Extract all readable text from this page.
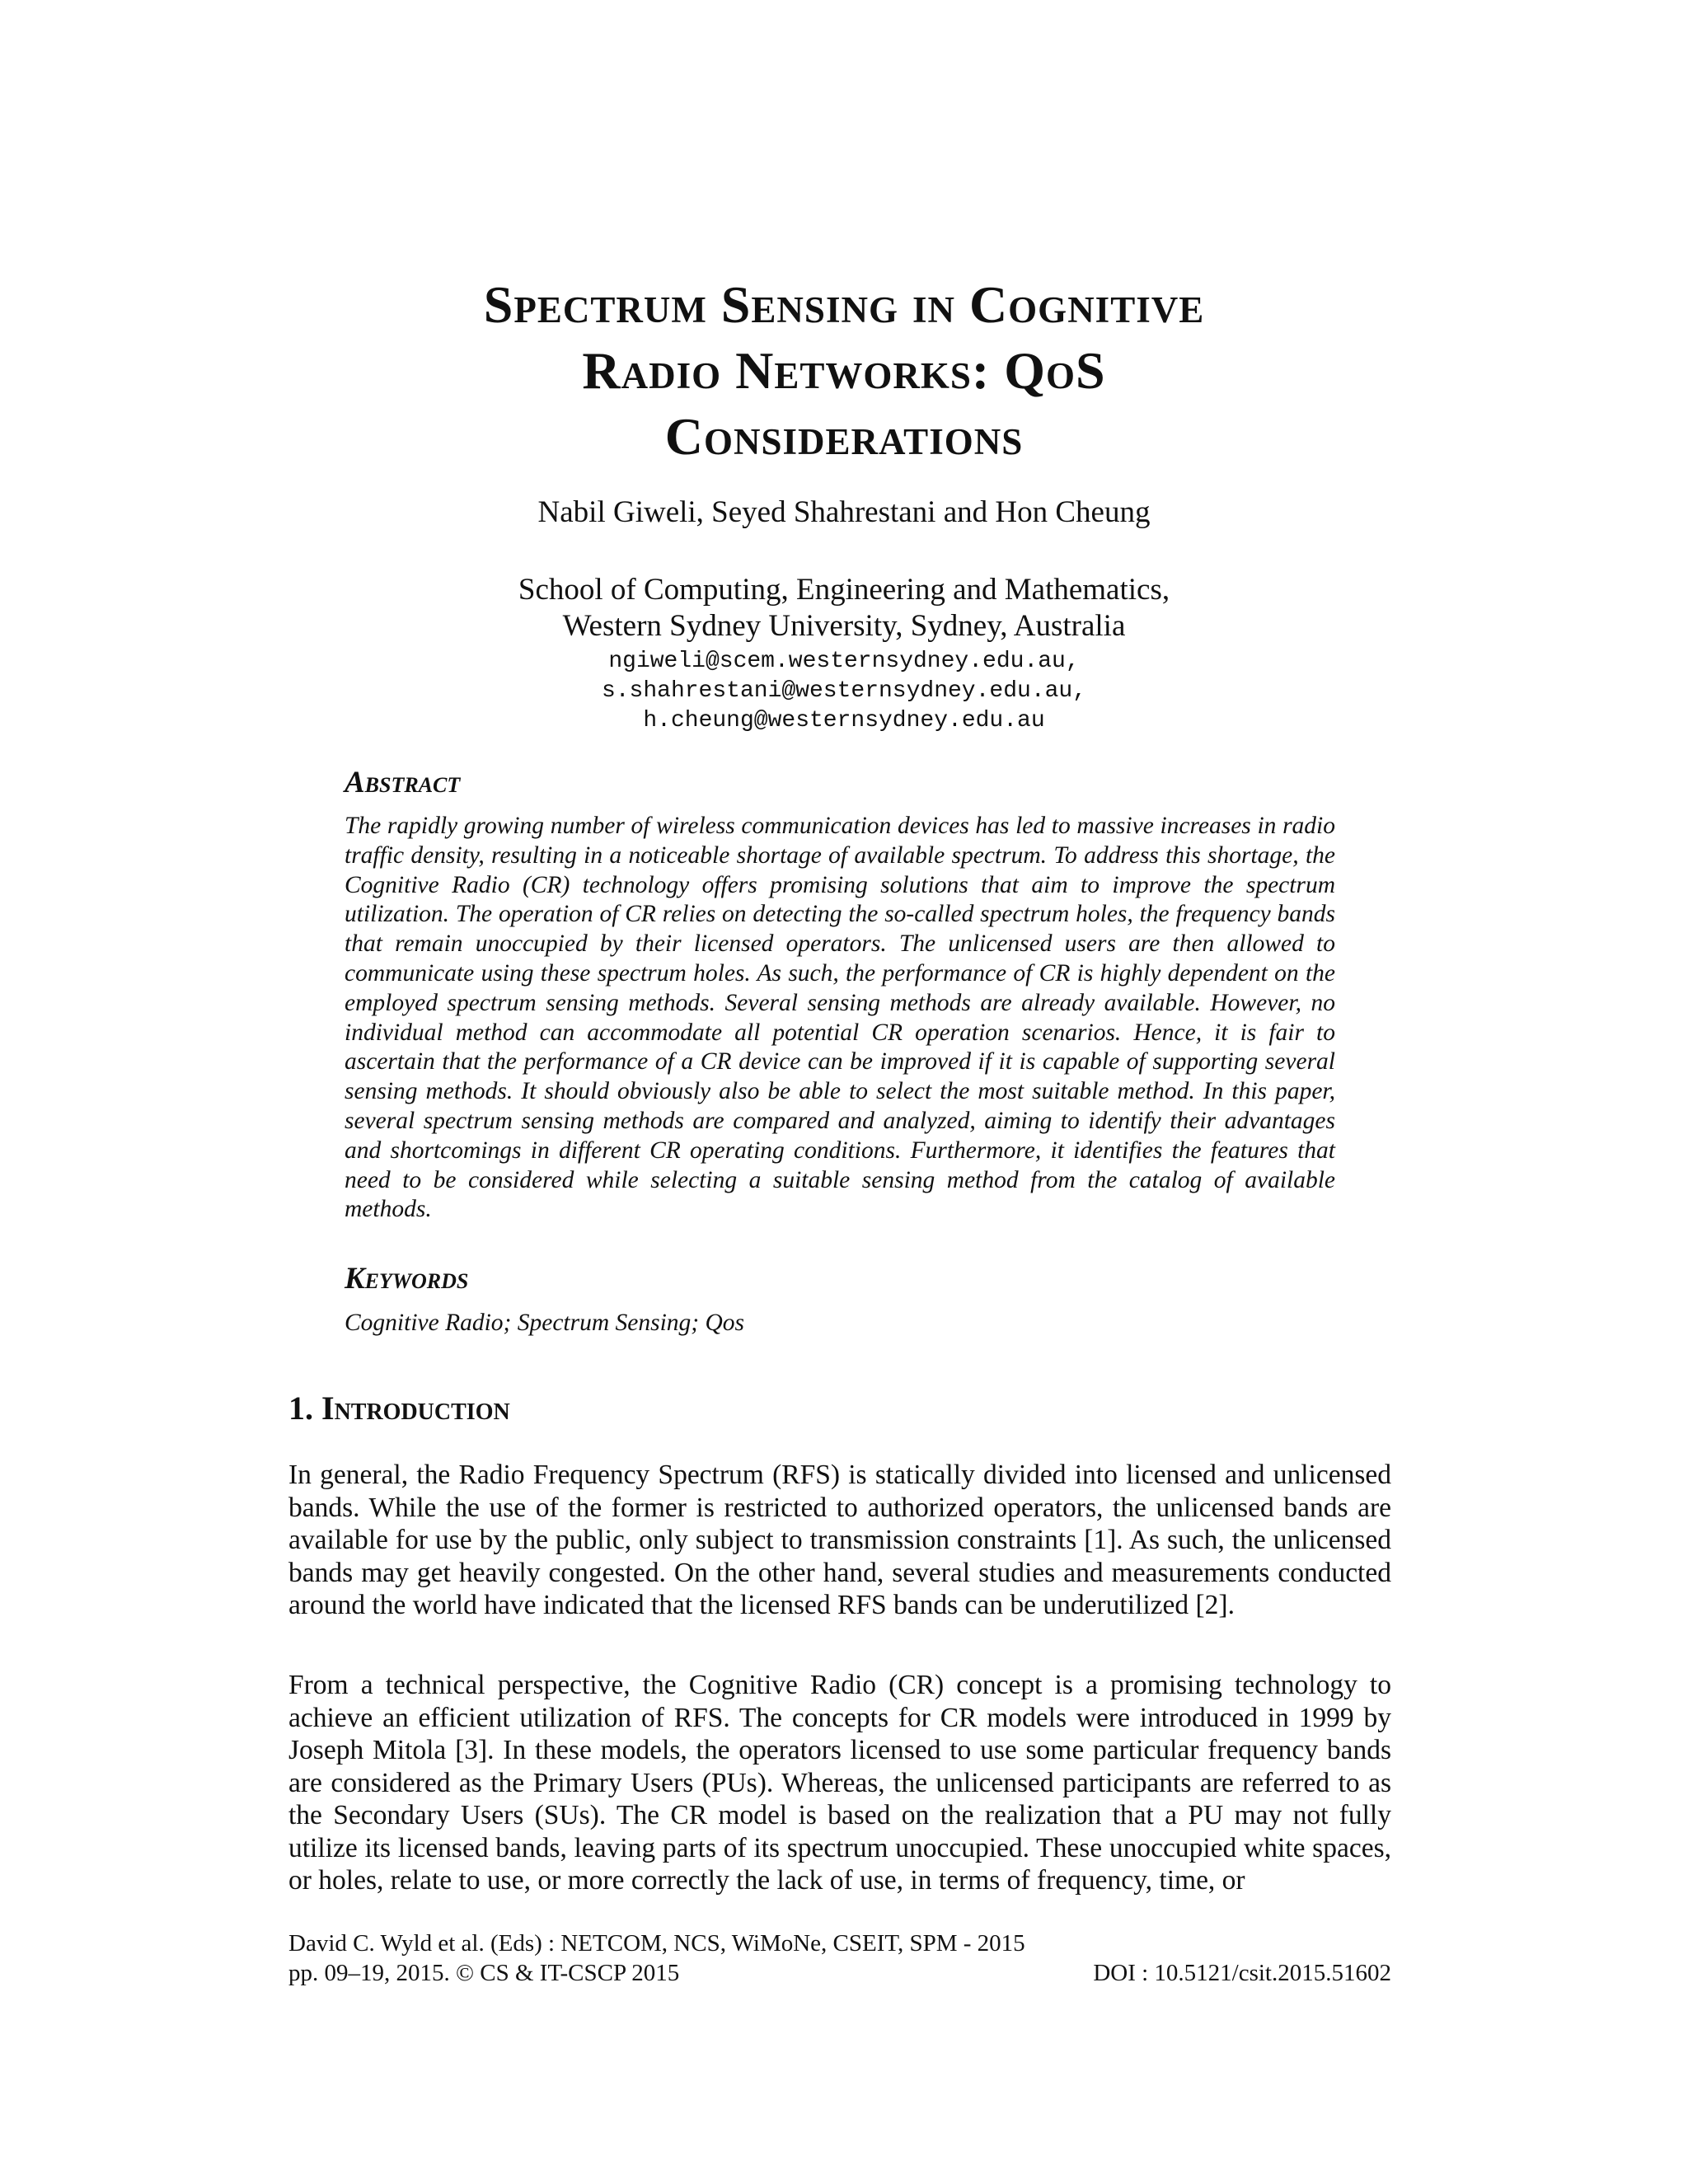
Spectrum Sensing in Cognitive
Radio Networks: QoS
Considerations
Nabil Giweli, Seyed Shahrestani and Hon Cheung
School of Computing, Engineering and Mathematics,
Western Sydney University, Sydney, Australia
ngiweli@scem.westernsydney.edu.au,
s.shahrestani@westernsydney.edu.au,
h.cheung@westernsydney.edu.au
Abstract
The rapidly growing number of wireless communication devices has led to massive increases in radio traffic density, resulting in a noticeable shortage of available spectrum. To address this shortage, the Cognitive Radio (CR) technology offers promising solutions that aim to improve the spectrum utilization. The operation of CR relies on detecting the so-called spectrum holes, the frequency bands that remain unoccupied by their licensed operators. The unlicensed users are then allowed to communicate using these spectrum holes. As such, the performance of CR is highly dependent on the employed spectrum sensing methods. Several sensing methods are already available. However, no individual method can accommodate all potential CR operation scenarios. Hence, it is fair to ascertain that the performance of a CR device can be improved if it is capable of supporting several sensing methods. It should obviously also be able to select the most suitable method. In this paper, several spectrum sensing methods are compared and analyzed, aiming to identify their advantages and shortcomings in different CR operating conditions. Furthermore, it identifies the features that need to be considered while selecting a suitable sensing method from the catalog of available methods.
Keywords
Cognitive Radio; Spectrum Sensing; Qos
1. Introduction
In general, the Radio Frequency Spectrum (RFS) is statically divided into licensed and unlicensed bands. While the use of the former is restricted to authorized operators, the unlicensed bands are available for use by the public, only subject to transmission constraints [1]. As such, the unlicensed bands may get heavily congested. On the other hand, several studies and measurements conducted around the world have indicated that the licensed RFS bands can be underutilized [2].
From a technical perspective, the Cognitive Radio (CR) concept is a promising technology to achieve an efficient utilization of RFS. The concepts for CR models were introduced in 1999 by Joseph Mitola [3]. In these models, the operators licensed to use some particular frequency bands are considered as the Primary Users (PUs). Whereas, the unlicensed participants are referred to as the Secondary Users (SUs). The CR model is based on the realization that a PU may not fully utilize its licensed bands, leaving parts of its spectrum unoccupied. These unoccupied white spaces, or holes, relate to use, or more correctly the lack of use, in terms of frequency, time, or
David C. Wyld et al. (Eds) : NETCOM, NCS, WiMoNe, CSEIT, SPM - 2015
pp. 09–19, 2015. © CS & IT-CSCP 2015	DOI : 10.5121/csit.2015.51602
